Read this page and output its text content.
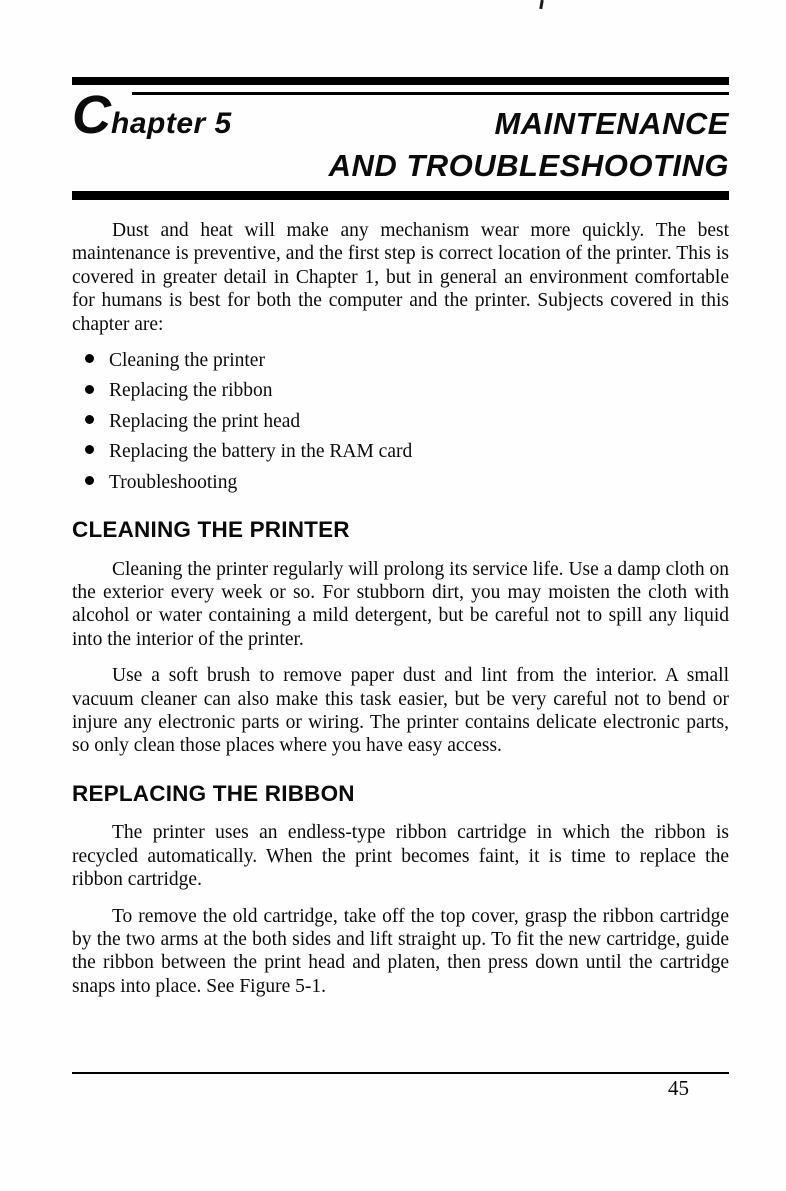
Chapter 5	MAINTENANCE
AND TROUBLESHOOTING

Dust and heat will make any mechanism wear more quickly. The best maintenance is preventive, and the first step is correct location of the printer. This is covered in greater detail in Chapter 1, but in general an environment comfortable for humans is best for both the computer and the printer. Subjects covered in this chapter are:

Cleaning the printer
Replacing the ribbon
Replacing the print head
Replacing the battery in the RAM card
Troubleshooting
CLEANING THE PRINTER

Cleaning the printer regularly will prolong its service life. Use a damp cloth on the exterior every week or so. For stubborn dirt, you may moisten the cloth with alcohol or water containing a mild detergent, but be careful not to spill any liquid into the interior of the printer.

Use a soft brush to remove paper dust and lint from the interior. A small vacuum cleaner can also make this task easier, but be very careful not to bend or injure any electronic parts or wiring. The printer contains delicate electronic parts, so only clean those places where you have easy access.

REPLACING THE RIBBON

The printer uses an endless-type ribbon cartridge in which the ribbon is recycled automatically. When the print becomes faint, it is time to replace the ribbon cartridge.

To remove the old cartridge, take off the top cover, grasp the ribbon cartridge by the two arms at the both sides and lift straight up. To fit the new cartridge, guide the ribbon between the print head and platen, then press down until the cartridge snaps into place. See Figure 5-1.

45
